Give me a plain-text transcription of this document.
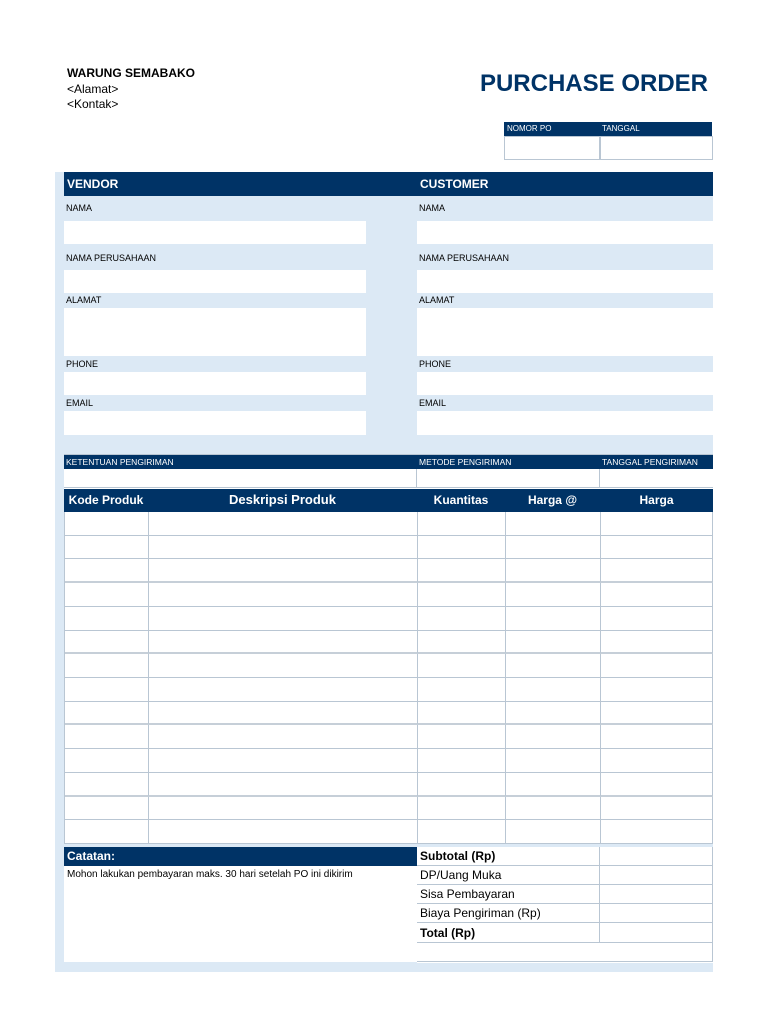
WARUNG SEMABAKO
<Alamat>
<Kontak>
PURCHASE ORDER
NOMOR PO	TANGGAL
VENDOR	CUSTOMER
NAMA
NAMA PERUSAHAAN
ALAMAT
PHONE
EMAIL
NAMA
NAMA PERUSAHAAN
ALAMAT
PHONE
EMAIL
KETENTUAN PENGIRIMAN	METODE PENGIRIMAN	TANGGAL PENGIRIMAN
Kode Produk	Deskripsi Produk	Kuantitas	Harga @	Harga
Catatan:
Mohon lakukan pembayaran maks. 30 hari setelah PO ini dikirim
Subtotal (Rp)
DP/Uang Muka
Sisa Pembayaran
Biaya Pengiriman (Rp)
Total (Rp)
